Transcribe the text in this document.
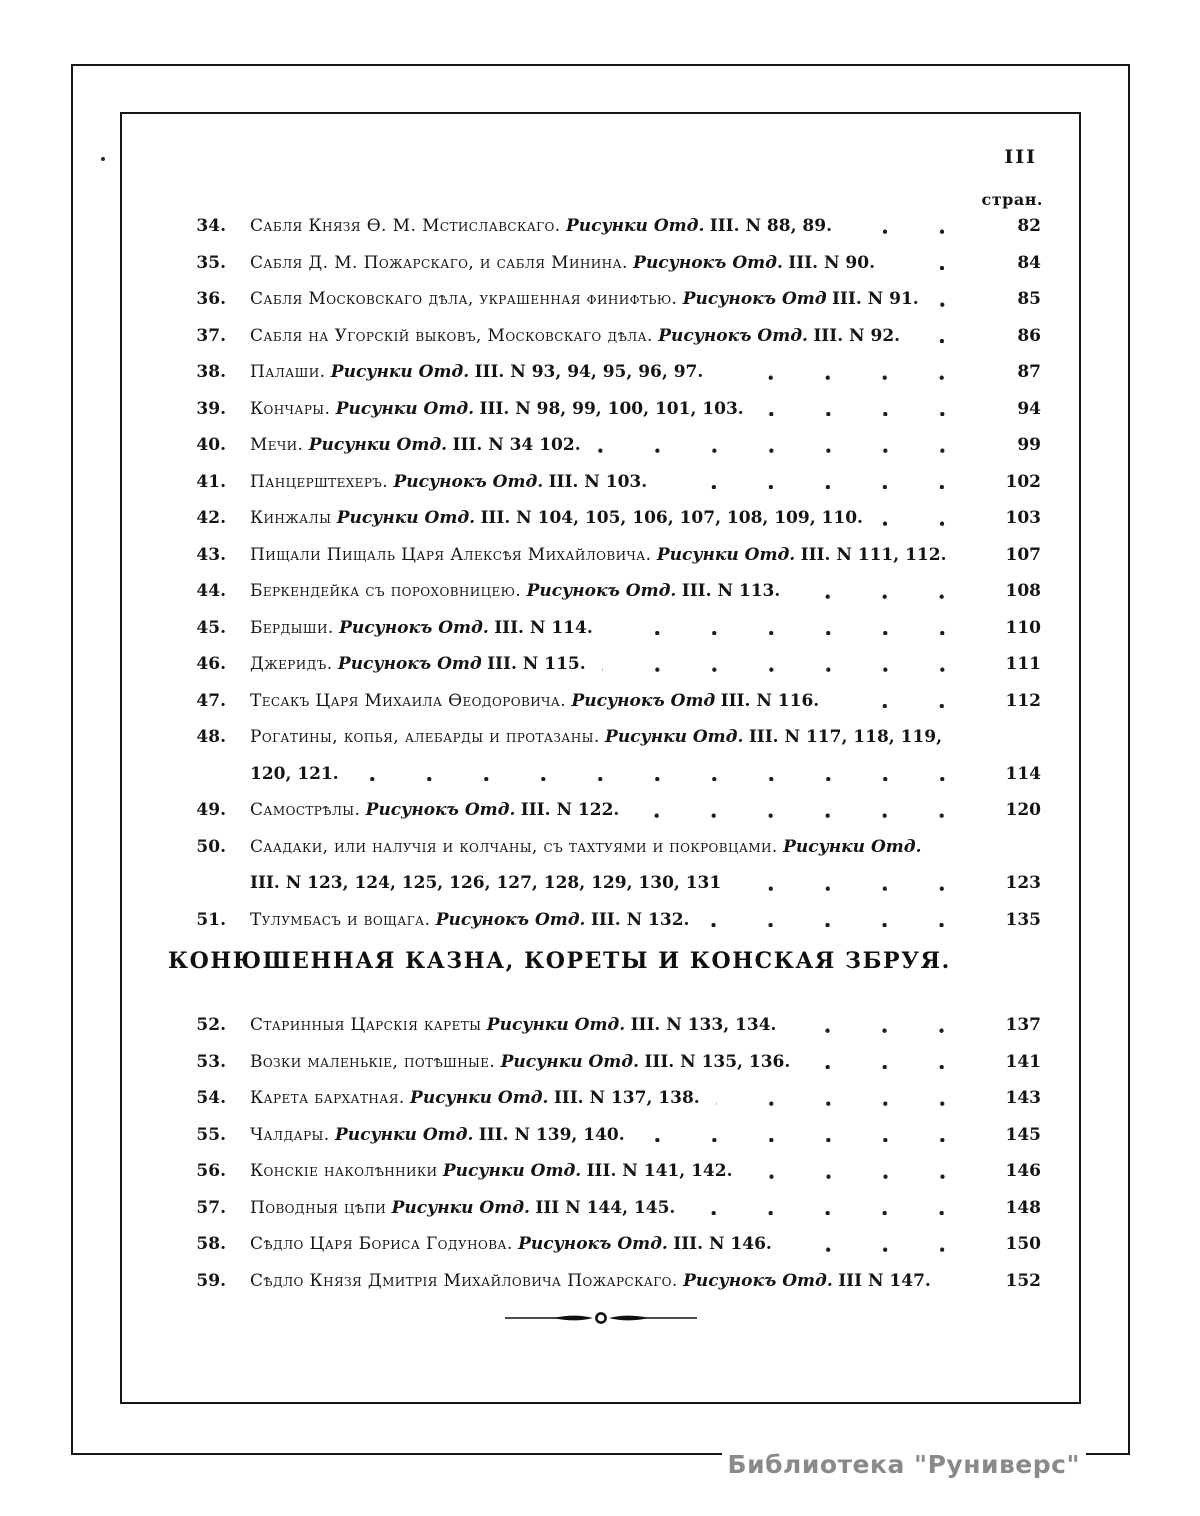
III
стран.
34. Сабля Князя Ѳ. М. Мстиславскаго. Рисунки Отд. III. N 88, 89.	82
35. Сабля Д. М. Пожарскаго, и сабля Минина. Рисунокъ Отд. III. N 90.	84
36. Сабля Московскаго дѣла, украшенная финифтью. Рисунокъ Отд III. N 91.	85
37. Сабля на Угорскій выковъ, Московскаго дѣла. Рисунокъ Отд. III. N 92.	86
38. Палаши. Рисунки Отд. III. N 93, 94, 95, 96, 97.	87
39. Кончары. Рисунки Отд. III. N 98, 99, 100, 101, 103.	94
40. Мечи. Рисунки Отд. III. N 34 102.	99
41. Панцерштехеръ. Рисунокъ Отд. III. N 103.	102
42. Кинжалы Рисунки Отд. III. N 104, 105, 106, 107, 108, 109, 110.	103
43. Пищали Пищаль Царя Алексѣя Михайловича. Рисунки Отд. III. N 111, 112.	107
44. Беркендейка съ пороховницею. Рисунокъ Отд. III. N 113.	108
45. Бердыши. Рисунокъ Отд. III. N 114.	110
46. Джеридъ. Рисунокъ Отд III. N 115.	111
47. Тесакъ Царя Михаила Ѳеодоровича. Рисунокъ Отд III. N 116.	112
48. Рогатины, копья, алебарды и протазаны. Рисунки Отд. III. N 117, 118, 119,
120, 121.	114
49. Самострѣлы. Рисунокъ Отд. III. N 122.	120
50. Саадаки, или налучія и колчаны, съ тахтуями и покровцами. Рисунки Отд.
III. N 123, 124, 125, 126, 127, 128, 129, 130, 131	123
51. Тулумбасъ и вощага. Рисунокъ Отд. III. N 132.	135
КОНЮШЕННАЯ КАЗНА, КОРЕТЫ И КОНСКАЯ ЗБРУЯ.
52. Старинныя Царскія кареты Рисунки Отд. III. N 133, 134.	137
53. Возки маленькіе, потѣшные. Рисунки Отд. III. N 135, 136.	141
54. Карета бархатная. Рисунки Отд. III. N 137, 138.	143
55. Чалдары. Рисунки Отд. III. N 139, 140.	145
56. Конскіе наколѣнники Рисунки Отд. III. N 141, 142.	146
57. Поводныя цѣпи Рисунки Отд. III N 144, 145.	148
58. Сѣдло Царя Бориса Годунова. Рисунокъ Отд. III. N 146.	150
59. Сѣдло Князя Дмитрія Михайловича Пожарскаго. Рисунокъ Отд. III N 147.	152
Библиотека "Руниверс"
